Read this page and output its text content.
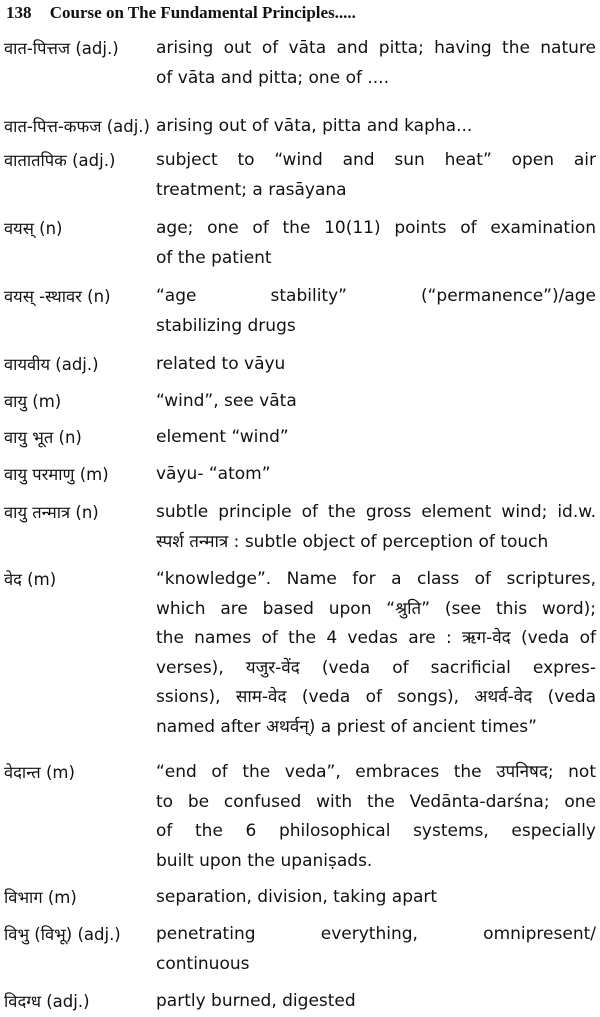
138 Course on The Fundamental Principles.....
वात-पित्तज (adj.)	arising out of vāta and pitta; having the nature
of vāta and pitta; one of ....
वात-पित्त-कफज (adj.) arising out of vāta, pitta and kapha...
वातातपिक (adj.)	subject to “wind and sun heat” open air
treatment; a rasāyana
वयस् (n)	age; one of the 10(11) points of examination
of the patient
वयस् -स्थावर (n)	“age stability” (“permanence”)/age
stabilizing drugs
वायवीय (adj.)	related to vāyu
वायु (m)	“wind”, see vāta
वायु भूत (n)	element “wind”
वायु परमाणु (m)	vāyu- “atom”
वायु तन्मात्र (n)	subtle principle of the gross element wind; id.w.
स्पर्श तन्मात्र : subtle object of perception of touch
वेद (m)	“knowledge”. Name for a class of scriptures,
which are based upon “श्रुति” (see this word);
the names of the 4 vedas are : ऋग-वेद (veda of
verses), यजुर-वेंद (veda of sacrificial expres-
ssions), साम-वेद (veda of songs), अथर्व-वेद (veda
named after अथर्वन्) a priest of ancient times”
वेदान्त (m)	“end of the veda”, embraces the उपनिषद; not
to be confused with the Vedānta-darśna; one
of the 6 philosophical systems, especially
built upon the upaniṣads.
विभाग (m)	separation, division, taking apart
विभु (विभू) (adj.)	penetrating everything, omnipresent/
continuous
विदग्ध (adj.)	partly burned, digested
